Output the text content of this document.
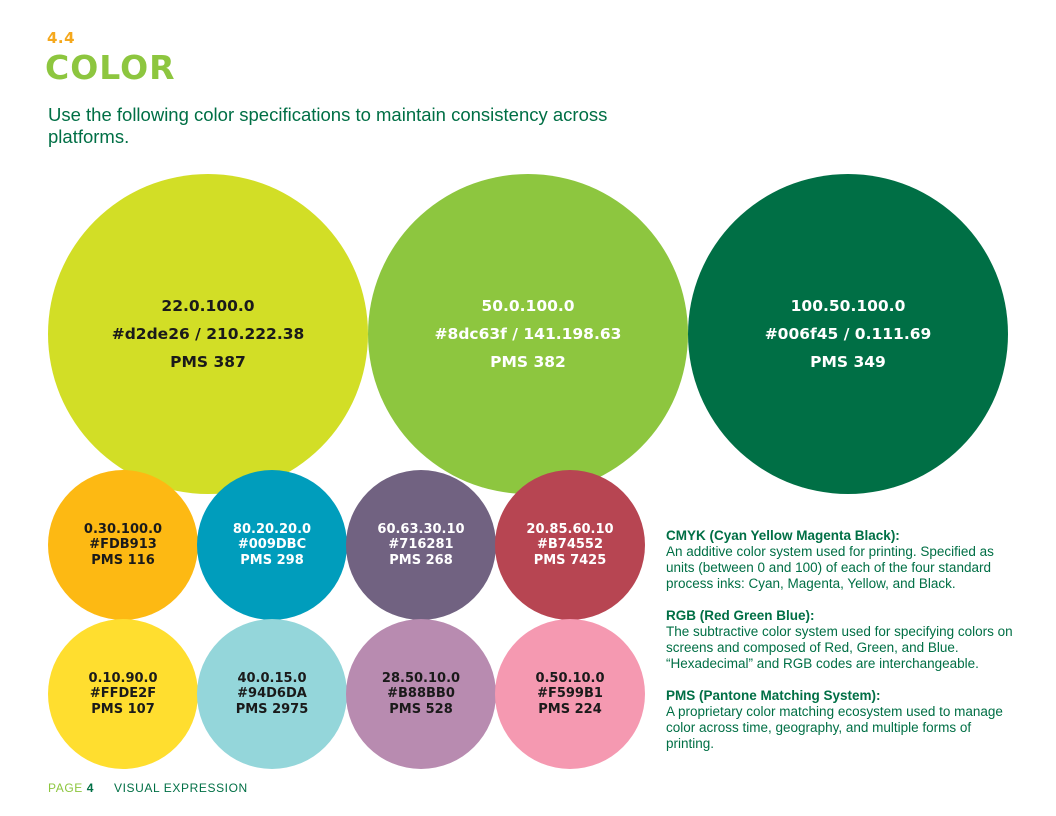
4.4
COLOR
Use the following color specifications to maintain consistency across platforms.
22.0.100.0
#d2de26 / 210.222.38
PMS 387
50.0.100.0
#8dc63f / 141.198.63
PMS 382
100.50.100.0
#006f45 / 0.111.69
PMS 349
0.30.100.0
#FDB913
PMS 116
80.20.20.0
#009DBC
PMS 298
60.63.30.10
#716281
PMS 268
20.85.60.10
#B74552
PMS 7425
0.10.90.0
#FFDE2F
PMS 107
40.0.15.0
#94D6DA
PMS 2975
28.50.10.0
#B88BB0
PMS 528
0.50.10.0
#F599B1
PMS 224
CMYK (Cyan Yellow Magenta Black):
An additive color system used for printing. Specified as units (between 0 and 100) of each of the four standard process inks: Cyan, Magenta, Yellow, and Black.
RGB (Red Green Blue):
The subtractive color system used for specifying colors on screens and composed of Red, Green, and Blue. “Hexadecimal” and RGB codes are interchangeable.
PMS (Pantone Matching System):
A proprietary color matching ecosystem used to manage color across time, geography, and multiple forms of printing.
PAGE 4 VISUAL EXPRESSION
